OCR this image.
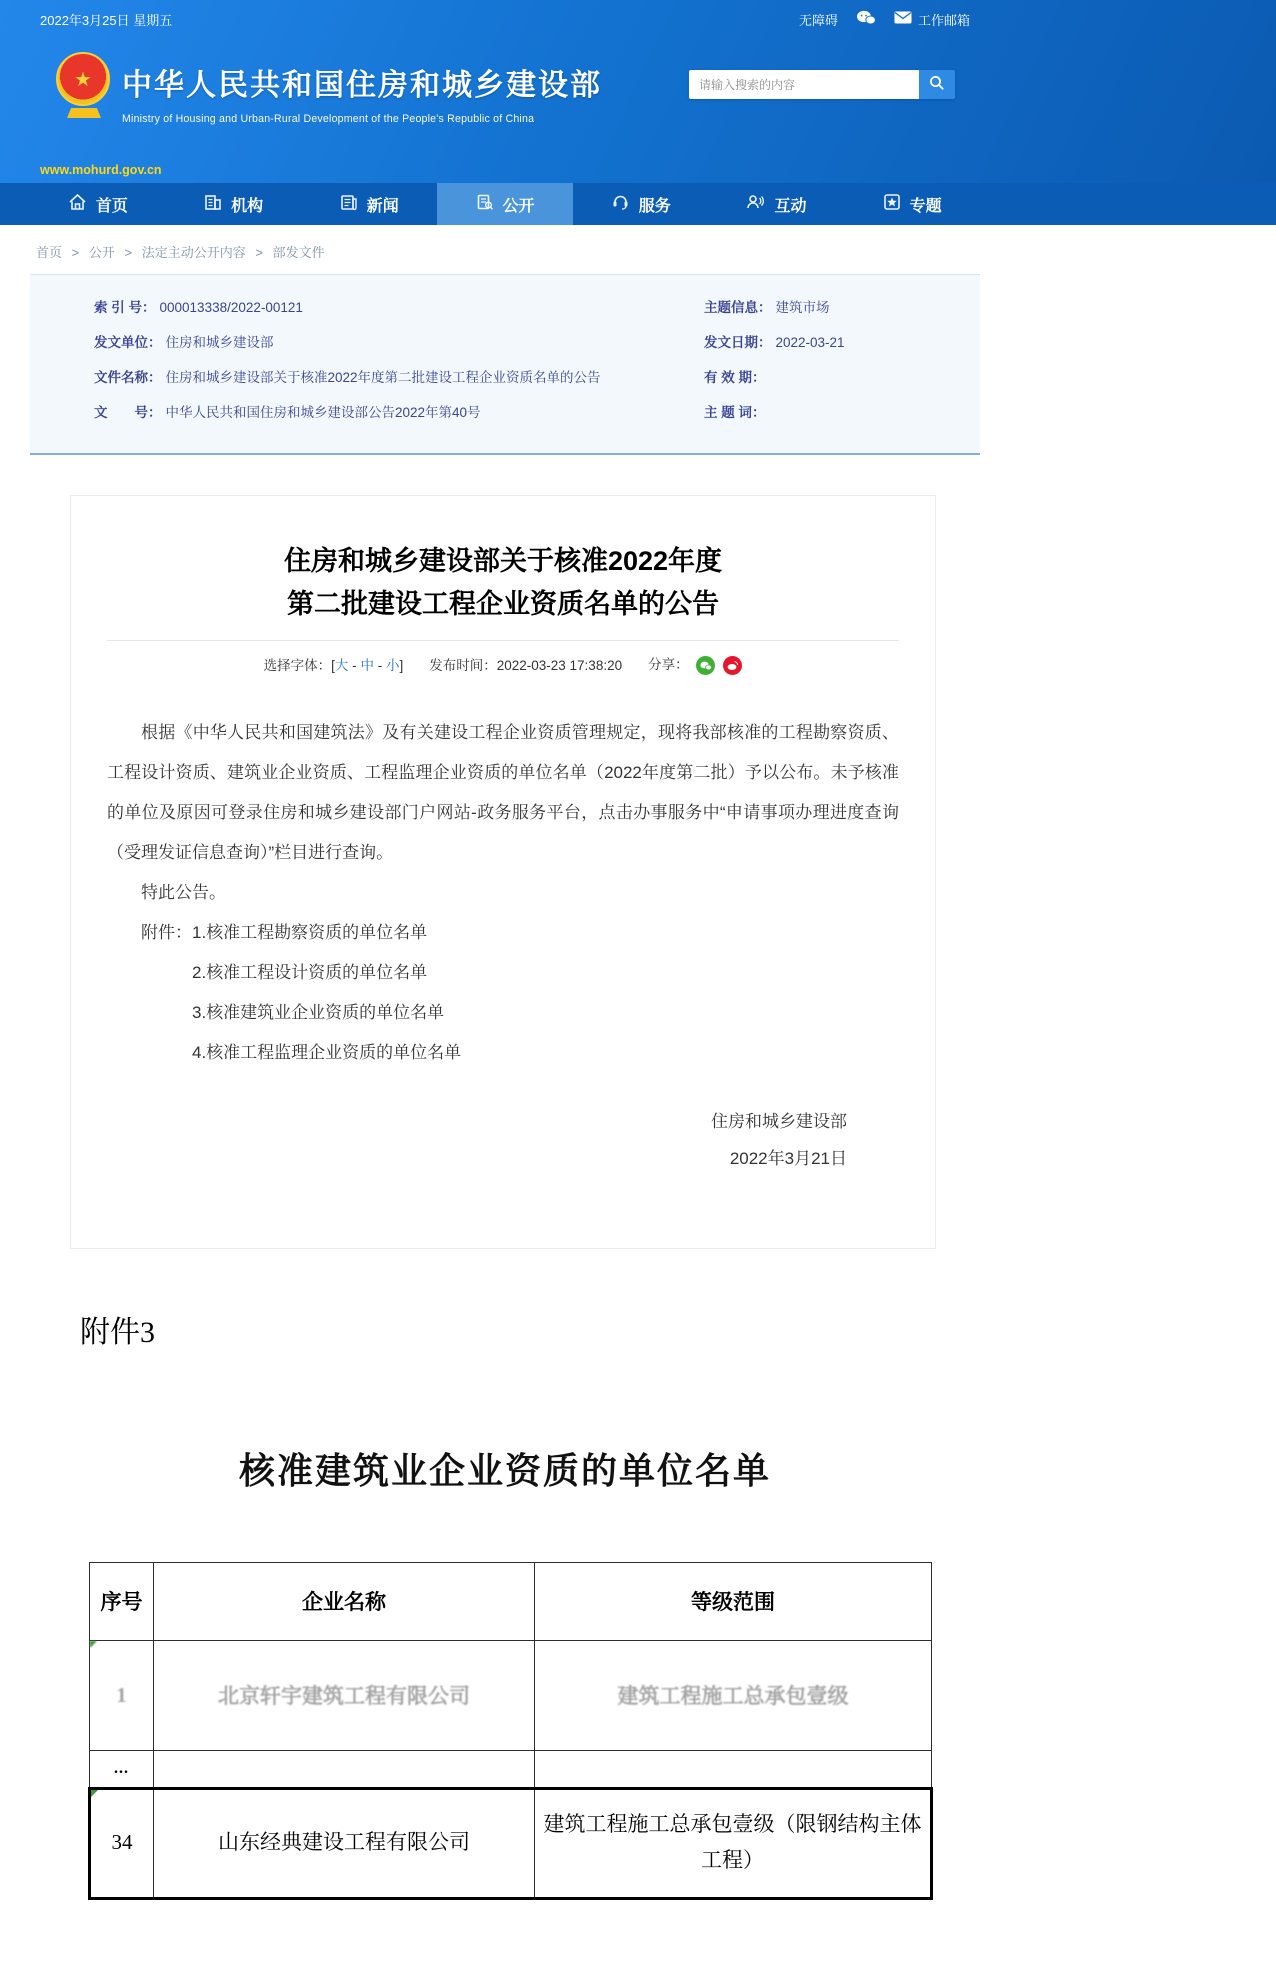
2022年3月25日 星期五	无障碍	工作邮箱
★	中华人民共和国住房和城乡建设部
Ministry of Housing and Urban-Rural Development of the People's Republic of China
www.mohurd.gov.cn
请输入搜索的内容
首页	机构	新闻	公开	服务	互动	专题
首页 > 公开 > 法定主动公开内容 > 部发文件
索 引 号： 000013338/2022-00121
发文单位： 住房和城乡建设部
文件名称： 住房和城乡建设部关于核准2022年度第二批建设工程企业资质名单的公告
文　　号： 中华人民共和国住房和城乡建设部公告2022年第40号
主题信息： 建筑市场
发文日期： 2022-03-21
有 效 期：
主 题 词：
住房和城乡建设部关于核准2022年度
第二批建设工程企业资质名单的公告
选择字体：[大 - 中 - 小] 发布时间：2022-03-23 17:38:20 分享：

根据《中华人民共和国建筑法》及有关建设工程企业资质管理规定，现将我部核准的工程勘察资质、工程设计资质、建筑业企业资质、工程监理企业资质的单位名单（2022年度第二批）予以公布。未予核准的单位及原因可登录住房和城乡建设部门户网站-政务服务平台，点击办事服务中“申请事项办理进度查询（受理发证信息查询）”栏目进行查询。

特此公告。

附件：1.核准工程勘察资质的单位名单
2.核准工程设计资质的单位名单
3.核准建筑业企业资质的单位名单
4.核准工程监理企业资质的单位名单
住房和城乡建设部
2022年3月21日
附件3
核准建筑业企业资质的单位名单
序号	企业名称	等级范围
1	北京轩宇建筑工程有限公司	建筑工程施工总承包壹级
...		
34	山东经典建设工程有限公司	建筑工程施工总承包壹级（限钢结构主体工程）
